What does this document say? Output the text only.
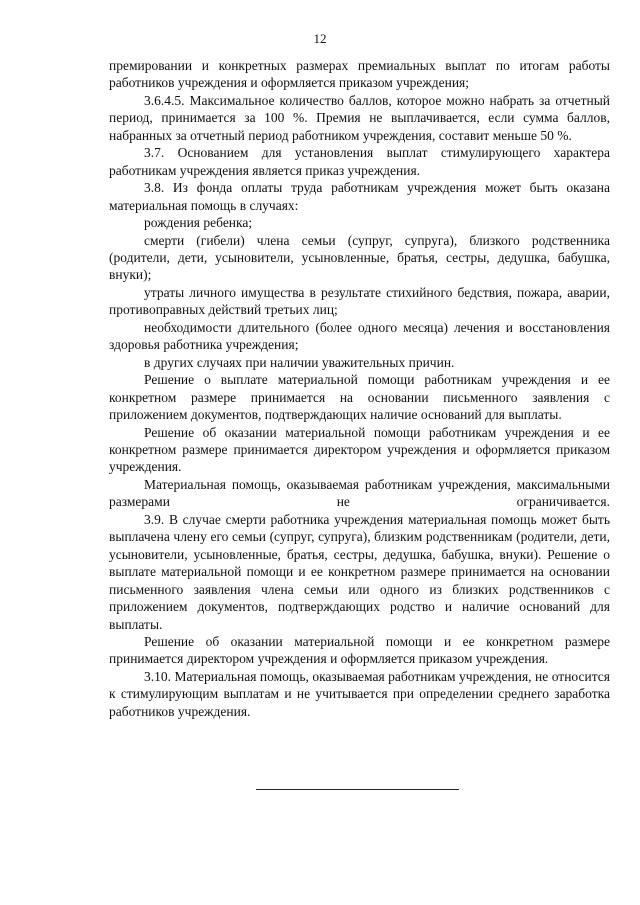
12

премировании и конкретных размерах премиальных выплат по итогам работы работников учреждения и оформляется приказом учреждения;

3.6.4.5. Максимальное количество баллов, которое можно набрать за отчетный период, принимается за 100 %. Премия не выплачивается, если сумма баллов, набранных за отчетный период работником учреждения, составит меньше 50 %.

3.7. Основанием для установления выплат стимулирующего характера работникам учреждения является приказ учреждения.

3.8. Из фонда оплаты труда работникам учреждения может быть оказана материальная помощь в случаях:

рождения ребенка;

смерти (гибели) члена семьи (супруг, супруга), близкого родственника (родители, дети, усыновители, усыновленные, братья, сестры, дедушка, бабушка, внуки);

утраты личного имущества в результате стихийного бедствия, пожара, аварии, противоправных действий третьих лиц;

необходимости длительного (более одного месяца) лечения и восстановления здоровья работника учреждения;

в других случаях при наличии уважительных причин.

Решение о выплате материальной помощи работникам учреждения и ее конкретном размере принимается на основании письменного заявления с приложением документов, подтверждающих наличие оснований для выплаты.

Решение об оказании материальной помощи работникам учреждения и ее конкретном размере принимается директором учреждения и оформляется приказом учреждения.

Материальная помощь, оказываемая работникам учреждения, максимальными размерами не ограничивается.

3.9. В случае смерти работника учреждения материальная помощь может быть выплачена члену его семьи (супруг, супруга), близким родственникам (родители, дети, усыновители, усыновленные, братья, сестры, дедушка, бабушка, внуки). Решение о выплате материальной помощи и ее конкретном размере принимается на основании письменного заявления члена семьи или одного из близких родственников с приложением документов, подтверждающих родство и наличие оснований для выплаты.

Решение об оказании материальной помощи и ее конкретном размере принимается директором учреждения и оформляется приказом учреждения.

3.10. Материальная помощь, оказываемая работникам учреждения, не относится к стимулирующим выплатам и не учитывается при определении среднего заработка работников учреждения.
